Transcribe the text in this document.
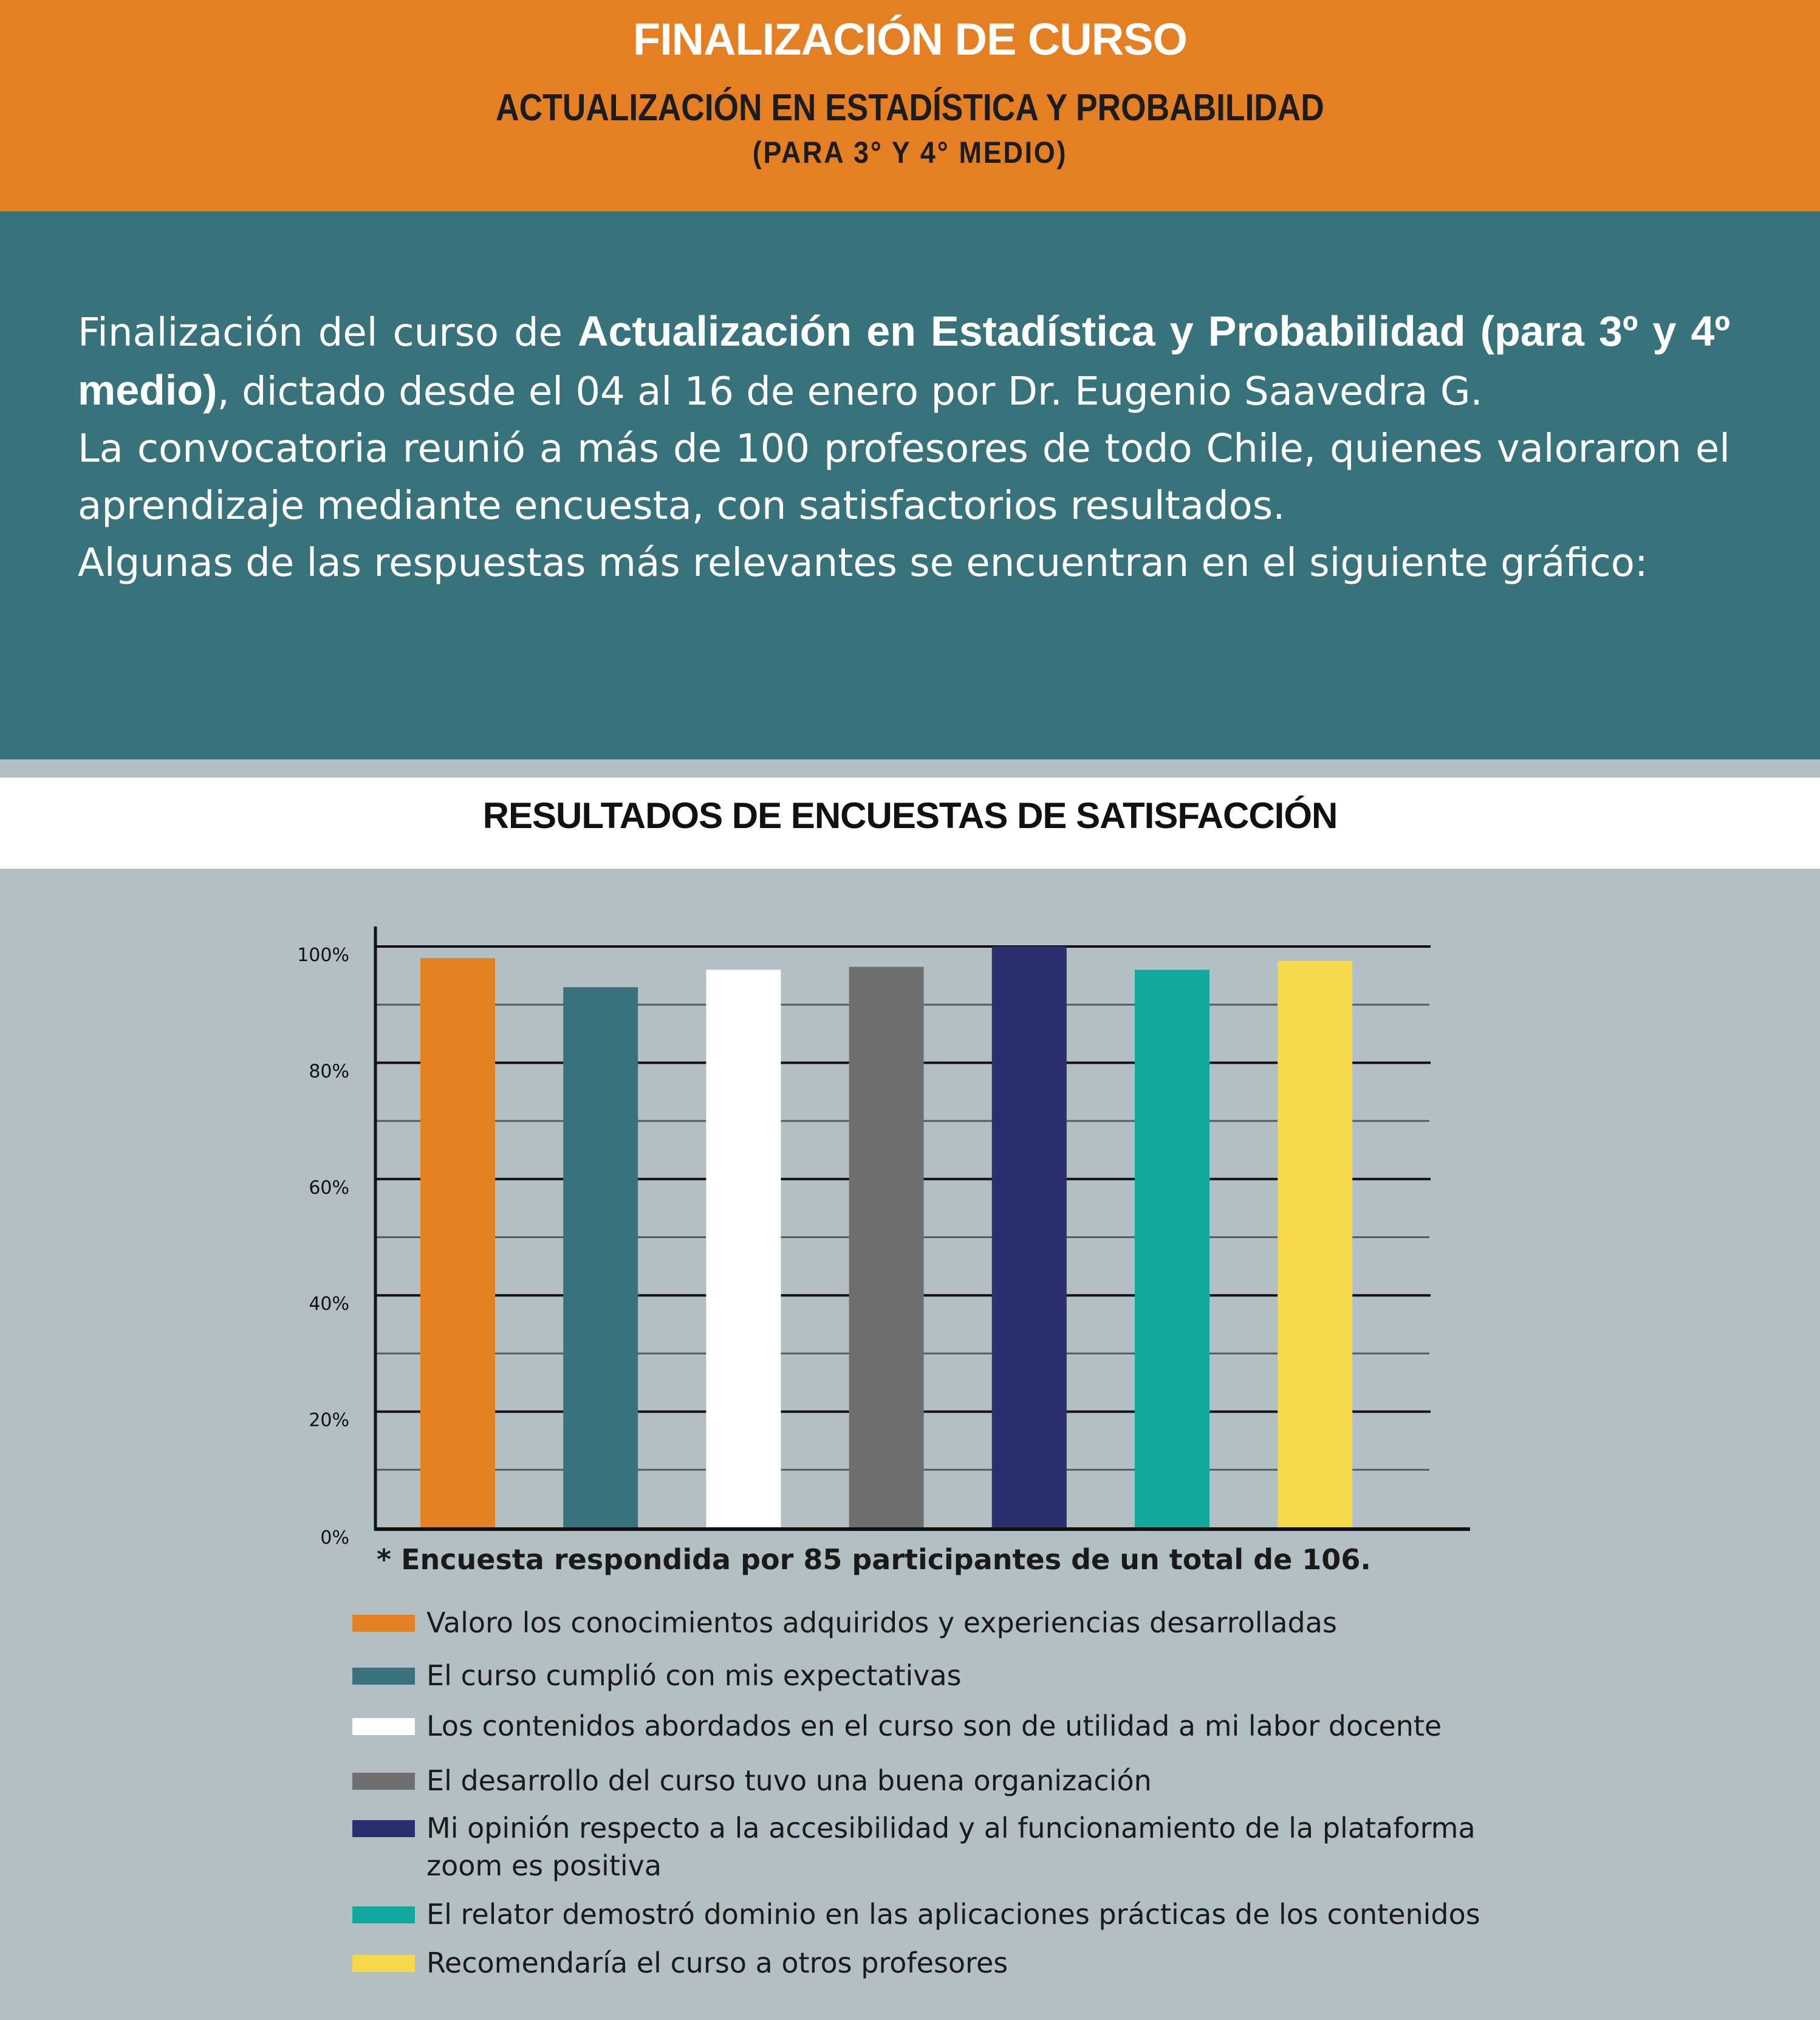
FINALIZACIÓN DE CURSO
ACTUALIZACIÓN EN ESTADÍSTICA Y PROBABILIDAD
(PARA 3° Y 4° MEDIO)
Finalización del curso de Actualización en Estadística y Probabilidad (para 3º y 4º medio), dictado desde el 04 al 16 de enero por Dr. Eugenio Saavedra G.
La convocatoria reunió a más de 100 profesores de todo Chile, quienes valoraron el aprendizaje mediante encuesta, con satisfactorios resultados.
Algunas de las respuestas más relevantes se encuentran en el siguiente gráfico:
RESULTADOS DE ENCUESTAS DE SATISFACCIÓN
0%
20%
40%
60%
80%
100%
* Encuesta respondida por 85 participantes de un total de 106.
Valoro los conocimientos adquiridos y experiencias desarrolladas
El curso cumplió con mis expectativas
Los contenidos abordados en el curso son de utilidad a mi labor docente
El desarrollo del curso tuvo una buena organización
Mi opinión respecto a la accesibilidad y al funcionamiento de la plataforma zoom es positiva
El relator demostró dominio en las aplicaciones prácticas de los contenidos
Recomendaría el curso a otros profesores
